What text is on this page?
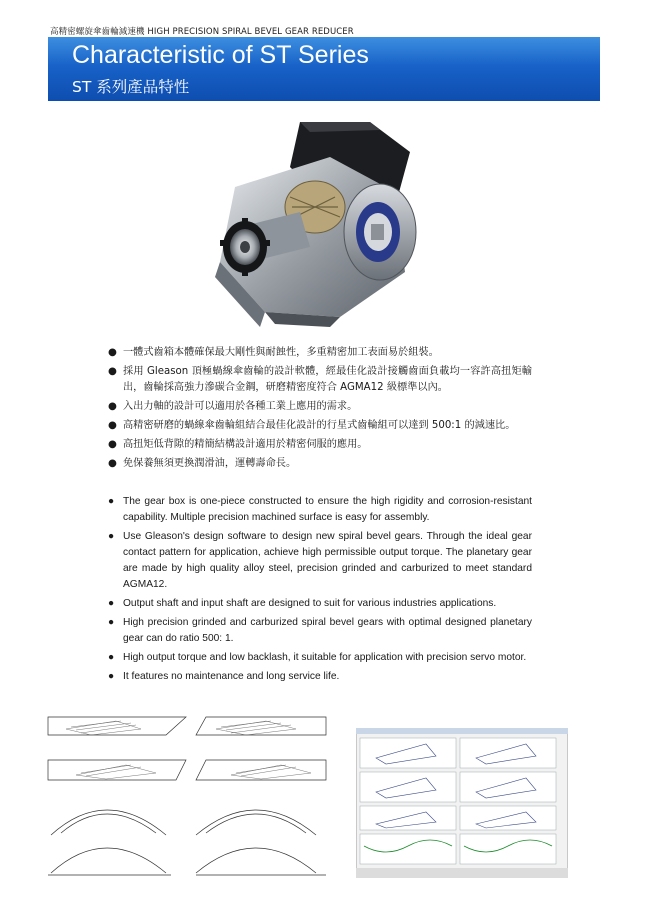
高精密螺旋傘齒輪減速機 HIGH PRECISION SPIRAL BEVEL GEAR REDUCER
Characteristic of ST Series
ST 系列產品特性
● 一體式齒箱本體確保最大剛性與耐蝕性，多重精密加工表面易於組裝。
● 採用 Gleason 頂極蝸線傘齒輪的設計軟體，經最佳化設計接觸齒面負載均一容許高扭矩輸出，齒輪採高強力滲碳合金鋼，研磨精密度符合 AGMA12 級標準以內。
● 入出力軸的設計可以適用於各種工業上應用的需求。
● 高精密研磨的蝸線傘齒輪組結合最佳化設計的行星式齒輪組可以達到 500:1 的減速比。
● 高扭矩低背隙的精簡結構設計適用於精密伺服的應用。
● 免保養無須更換潤滑油，運轉壽命長。
● The gear box is one-piece constructed to ensure the high rigidity and corrosion-resistant capability. Multiple precision machined surface is easy for assembly.
● Use Gleason's design software to design new spiral bevel gears. Through the ideal gear contact pattern for application, achieve high permissible output torque. The planetary gear are made by high quality alloy steel, precision grinded and carburized to meet standard AGMA12.
● Output shaft and input shaft are designed to suit for various industries applications.
● High precision grinded and carburized spiral bevel gears with optimal designed planetary gear can do ratio 500: 1.
● High output torque and low backlash, it suitable for application with precision servo motor.
● It features no maintenance and long service life.
